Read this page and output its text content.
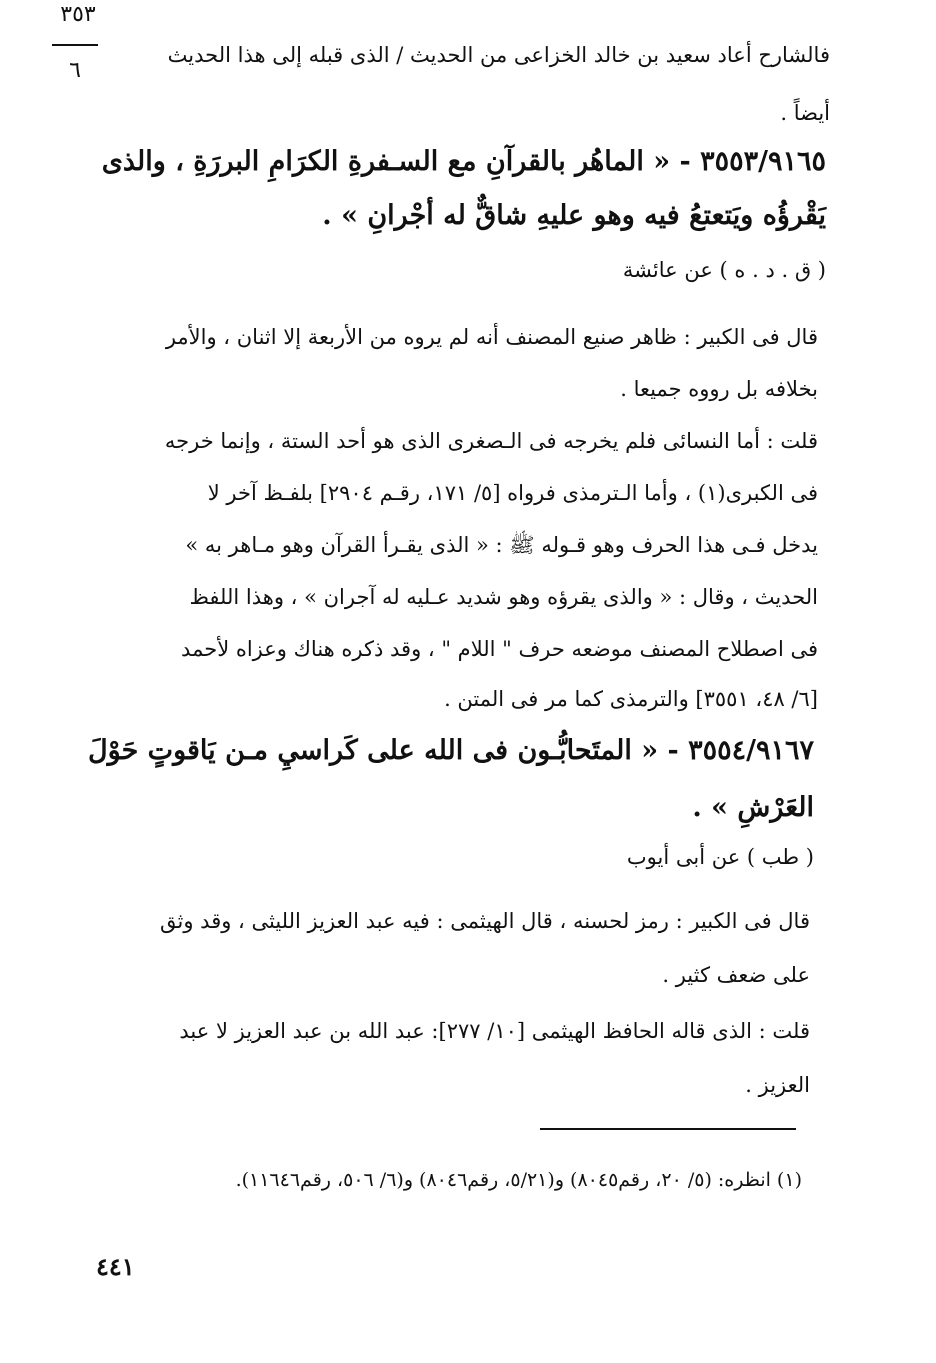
٣٥٣
٦
فالشارح أعاد سعيد بن خالد الخزاعى من الحديث / الذى قبله إلى هذا الحديث
أيضاً .
٣٥٥٣/٩١٦٥ - « الماهُر بالقرآنِ مع السـفرةِ الكرَامِ البررَةِ ، والذى
يَقْرؤُه ويَتعتعُ فيه وهو عليهِ شاقٌّ له أجْرانِ » .
( ق . د . ه ) عن عائشة
قال فى الكبير : ظاهر صنيع المصنف أنه لم يروه من الأربعة إلا اثنان ، والأمر
بخلافه بل رووه جميعا .
قلت : أما النسائى فلم يخرجه فى الـصغرى الذى هو أحد الستة ، وإنما خرجه
فى الكبرى(١) ، وأما الـترمذى فرواه [٥/ ١٧١، رقـم ٢٩٠٤] بلفـظ آخر لا
يدخل فـى هذا الحرف وهو قـوله ﷺ : « الذى يقـرأ القرآن وهو مـاهر به »
الحديث ، وقال : « والذى يقرؤه وهو شديد عـليه له آجران » ، وهذا اللفظ
فى اصطلاح المصنف موضعه حرف " اللام " ، وقد ذكره هناك وعزاه لأحمد
[٦/ ٤٨، ٣٥٥١] والترمذى كما مر فى المتن .
٣٥٥٤/٩١٦٧ - « المتَحابُّـون فى الله على كَراسيِ مـن يَاقوتٍ حَوْلَ
العَرْشِ » .
( طب ) عن أبى أيوب
قال فى الكبير : رمز لحسنه ، قال الهيثمى : فيه عبد العزيز الليثى ، وقد وثق
على ضعف كثير .
قلت : الذى قاله الحافظ الهيثمى [١٠/ ٢٧٧]: عبد الله بن عبد العزيز لا عبد
العزيز .
(١) انظره: (٥/ ٢٠، رقم٨٠٤٥) و(٥/٢١، رقم٨٠٤٦) و(٦/ ٥٠٦، رقم١١٦٤٦).
٤٤١
